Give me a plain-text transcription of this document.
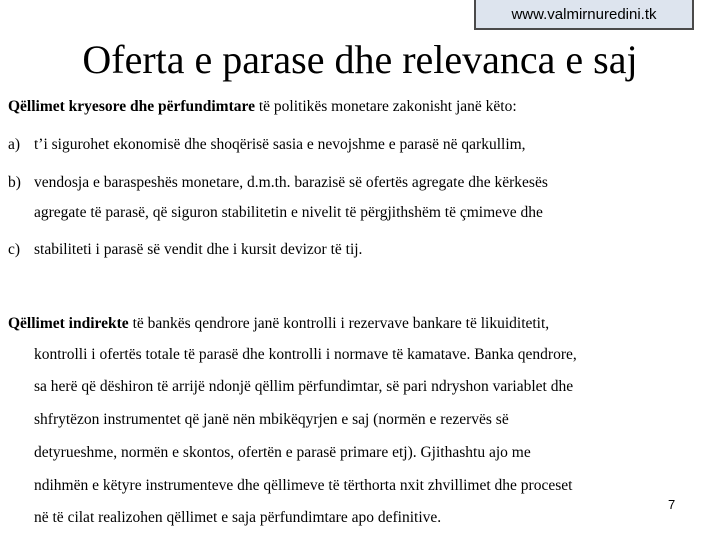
www.valmirnuredini.tk
Oferta e parase dhe relevanca e saj
Qëllimet kryesore dhe përfundimtare të politikës monetare zakonisht janë këto:
a) t’i sigurohet ekonomisë dhe shoqërisë sasia e nevojshme e parasë në qarkullim,
b) vendosja e baraspeshës monetare, d.m.th. barazisë së ofertës agregate dhe kërkesës
agregate të parasë, që siguron stabilitetin e nivelit të përgjithshëm të çmimeve dhe
c) stabiliteti i parasë së vendit dhe i kursit devizor të tij.
Qëllimet indirekte të bankës qendrore janë kontrolli i rezervave bankare të likuiditetit,
kontrolli i ofertës totale të parasë dhe kontrolli i normave të kamatave. Banka qendrore,
sa herë që dëshiron të arrijë ndonjë qëllim përfundimtar, së pari ndryshon variablet dhe
shfrytëzon instrumentet që janë nën mbikëqyrjen e saj (normën e rezervës së
detyrueshme, normën e skontos, ofertën e parasë primare etj). Gjithashtu ajo me
ndihmën e këtyre instrumenteve dhe qëllimeve të tërthorta nxit zhvillimet dhe proceset
në të cilat realizohen qëllimet e saja përfundimtare apo definitive.
7
